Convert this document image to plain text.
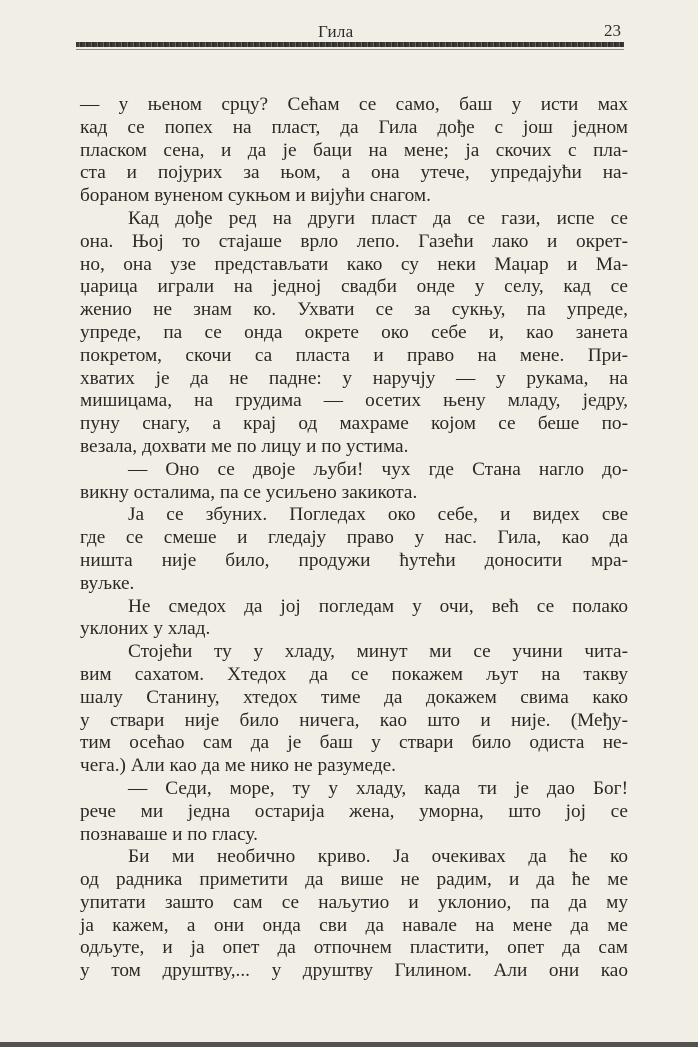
Гила	23
— у њеном срцу? Сећам се само, баш у исти мах
кад се попех на пласт, да Гила дође с још једном
пласком сена, и да је баци на мене; ја скочих с пла-
ста и појурих за њом, а она утече, упредајући на-
бораном вуненом сукњом и вијући снагом.
Кад дође ред на други пласт да се гази, испе се
она. Њој то стајаше врло лепо. Газећи лако и окрет-
но, она узе представљати како су неки Маџар и Ма-
џарица играли на једној свадби онде у селу, кад се
женио не знам ко. Ухвати се за сукњу, па упреде,
упреде, па се онда окрете око себе и, као занета
покретом, скочи са пласта и право на мене. При-
хватих је да не падне: у наручју — у рукама, на
мишицама, на грудима — осетих њену младу, једру,
пуну снагу, а крај од махраме којом се беше по-
везала, дохвати ме по лицу и по устима.
— Оно се двоје љуби! чух где Стана нагло до-
викну осталима, па се усиљено закикота.
Ја се збуних. Погледах око себе, и видех све
где се смеше и гледају право у нас. Гила, као да
ништа није било, продужи ћутећи доносити мра-
вуљке.
Не смедох да јој погледам у очи, већ се полако
уклоних у хлад.
Стојећи ту у хладу, минут ми се учини чита-
вим сахатом. Хтедох да се покажем љут на такву
шалу Станину, хтедох тиме да докажем свима како
у ствари није било ничега, као што и није. (Међу-
тим осећао сам да је баш у ствари било одиста не-
чега.) Али као да ме нико не разумеде.
— Седи, море, ту у хладу, када ти је дао Бог!
рече ми једна остарија жена, уморна, што јој се
познаваше и по гласу.
Би ми необично криво. Ја очекивах да ће ко
од радника приметити да више не радим, и да ће ме
упитати зашто сам се наљутио и уклонио, па да му
ја кажем, а они онда сви да навале на мене да ме
одљуте, и ја опет да отпочнем пластити, опет да сам
у том друштву,... у друштву Гилином. Али они као
